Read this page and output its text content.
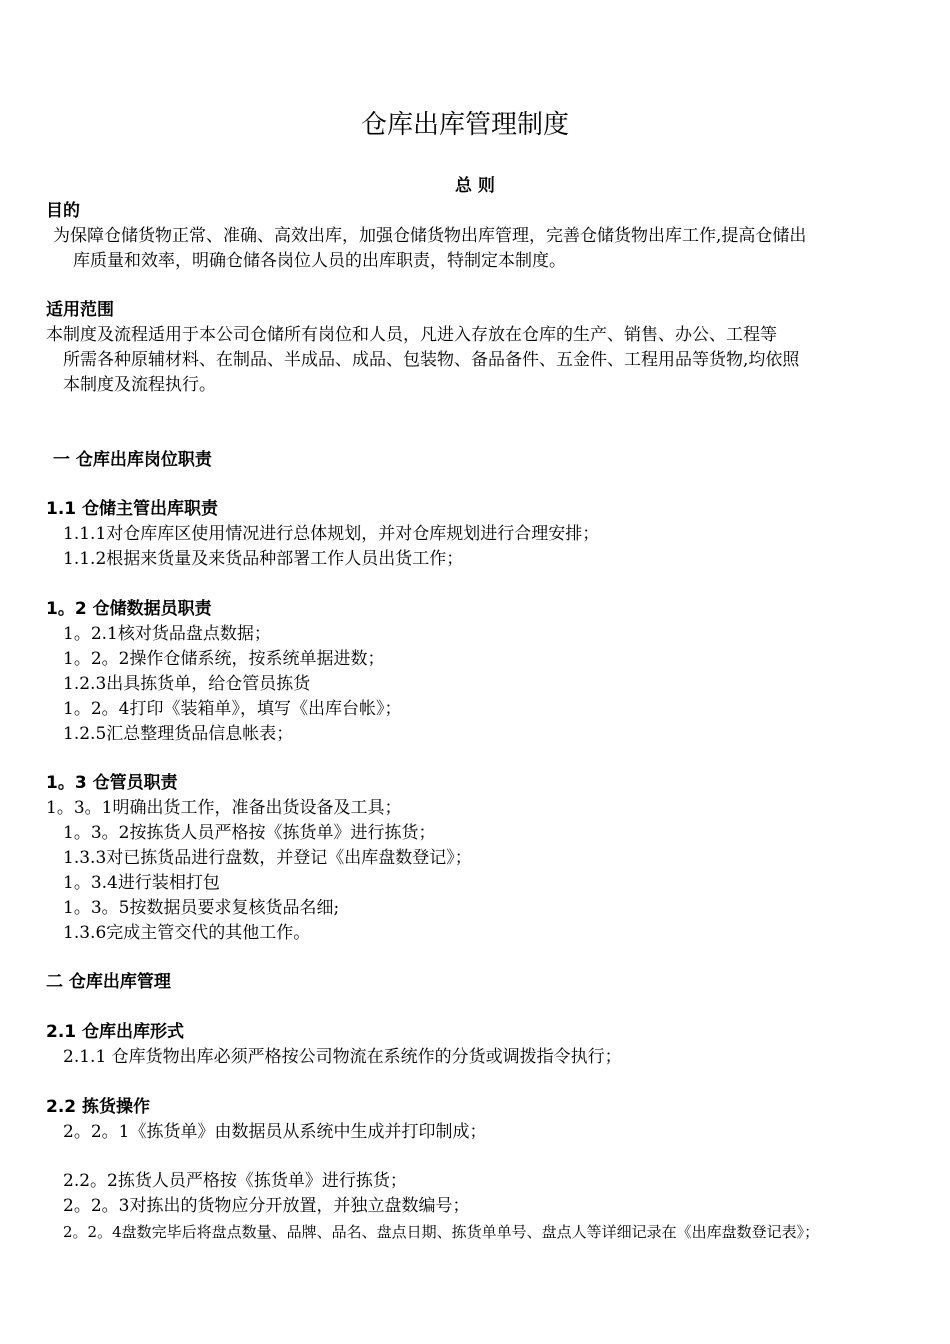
仓库出库管理制度
总 则
目的
为保障仓储货物正常、准确、高效出库，加强仓储货物出库管理，完善仓储货物出库工作,提高仓储出
库质量和效率，明确仓储各岗位人员的出库职责，特制定本制度。
适用范围
本制度及流程适用于本公司仓储所有岗位和人员，凡进入存放在仓库的生产、销售、办公、工程等
所需各种原辅材料、在制品、半成品、成品、包装物、备品备件、五金件、工程用品等货物,均依照
本制度及流程执行。
一 仓库出库岗位职责
1.1 仓储主管出库职责
1.1.1对仓库库区使用情况进行总体规划，并对仓库规划进行合理安排；
1.1.2根据来货量及来货品种部署工作人员出货工作；
1。2 仓储数据员职责
1。2.1核对货品盘点数据；
1。2。2操作仓储系统，按系统单据进数；
1.2.3出具拣货单，给仓管员拣货
1。2。4打印《装箱单》，填写《出库台帐》；
1.2.5汇总整理货品信息帐表；
1。3 仓管员职责
1。3。1明确出货工作，准备出货设备及工具；
1。3。2按拣货人员严格按《拣货单》进行拣货；
1.3.3对已拣货品进行盘数，并登记《出库盘数登记》；
1。3.4进行装相打包
1。3。5按数据员要求复核货品名细;
1.3.6完成主管交代的其他工作。
二 仓库出库管理
2.1 仓库出库形式
2.1.1 仓库货物出库必须严格按公司物流在系统作的分货或调拨指令执行；
2.2 拣货操作
2。2。1《拣货单》由数据员从系统中生成并打印制成；
2.2。2拣货人员严格按《拣货单》进行拣货；
2。2。3对拣出的货物应分开放置，并独立盘数编号；
2。2。4盘数完毕后将盘点数量、品牌、品名、盘点日期、拣货单单号、盘点人等详细记录在《出库盘数登记表》；
